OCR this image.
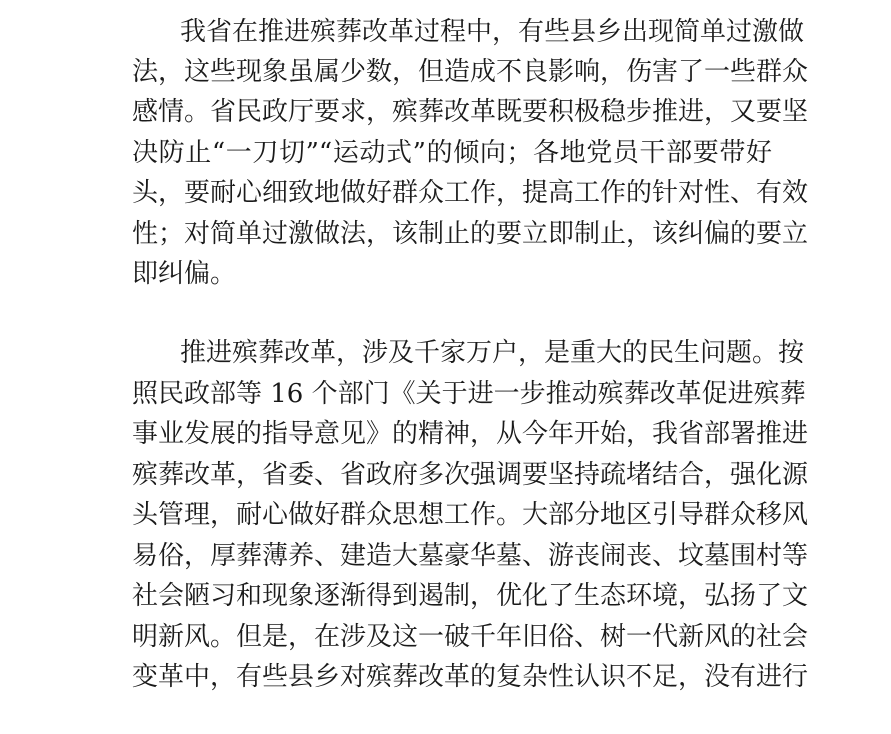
我省在推进殡葬改革过程中，有些县乡出现简单过激做
法，这些现象虽属少数，但造成不良影响，伤害了一些群众
感情。省民政厅要求，殡葬改革既要积极稳步推进，又要坚
决防止“一刀切”“运动式”的倾向；各地党员干部要带好
头，要耐心细致地做好群众工作，提高工作的针对性、有效
性；对简单过激做法，该制止的要立即制止，该纠偏的要立
即纠偏。
推进殡葬改革，涉及千家万户，是重大的民生问题。按
照民政部等 16 个部门《关于进一步推动殡葬改革促进殡葬
事业发展的指导意见》的精神，从今年开始，我省部署推进
殡葬改革，省委、省政府多次强调要坚持疏堵结合，强化源
头管理，耐心做好群众思想工作。大部分地区引导群众移风
易俗，厚葬薄养、建造大墓豪华墓、游丧闹丧、坟墓围村等
社会陋习和现象逐渐得到遏制，优化了生态环境，弘扬了文
明新风。但是，在涉及这一破千年旧俗、树一代新风的社会
变革中，有些县乡对殡葬改革的复杂性认识不足，没有进行
